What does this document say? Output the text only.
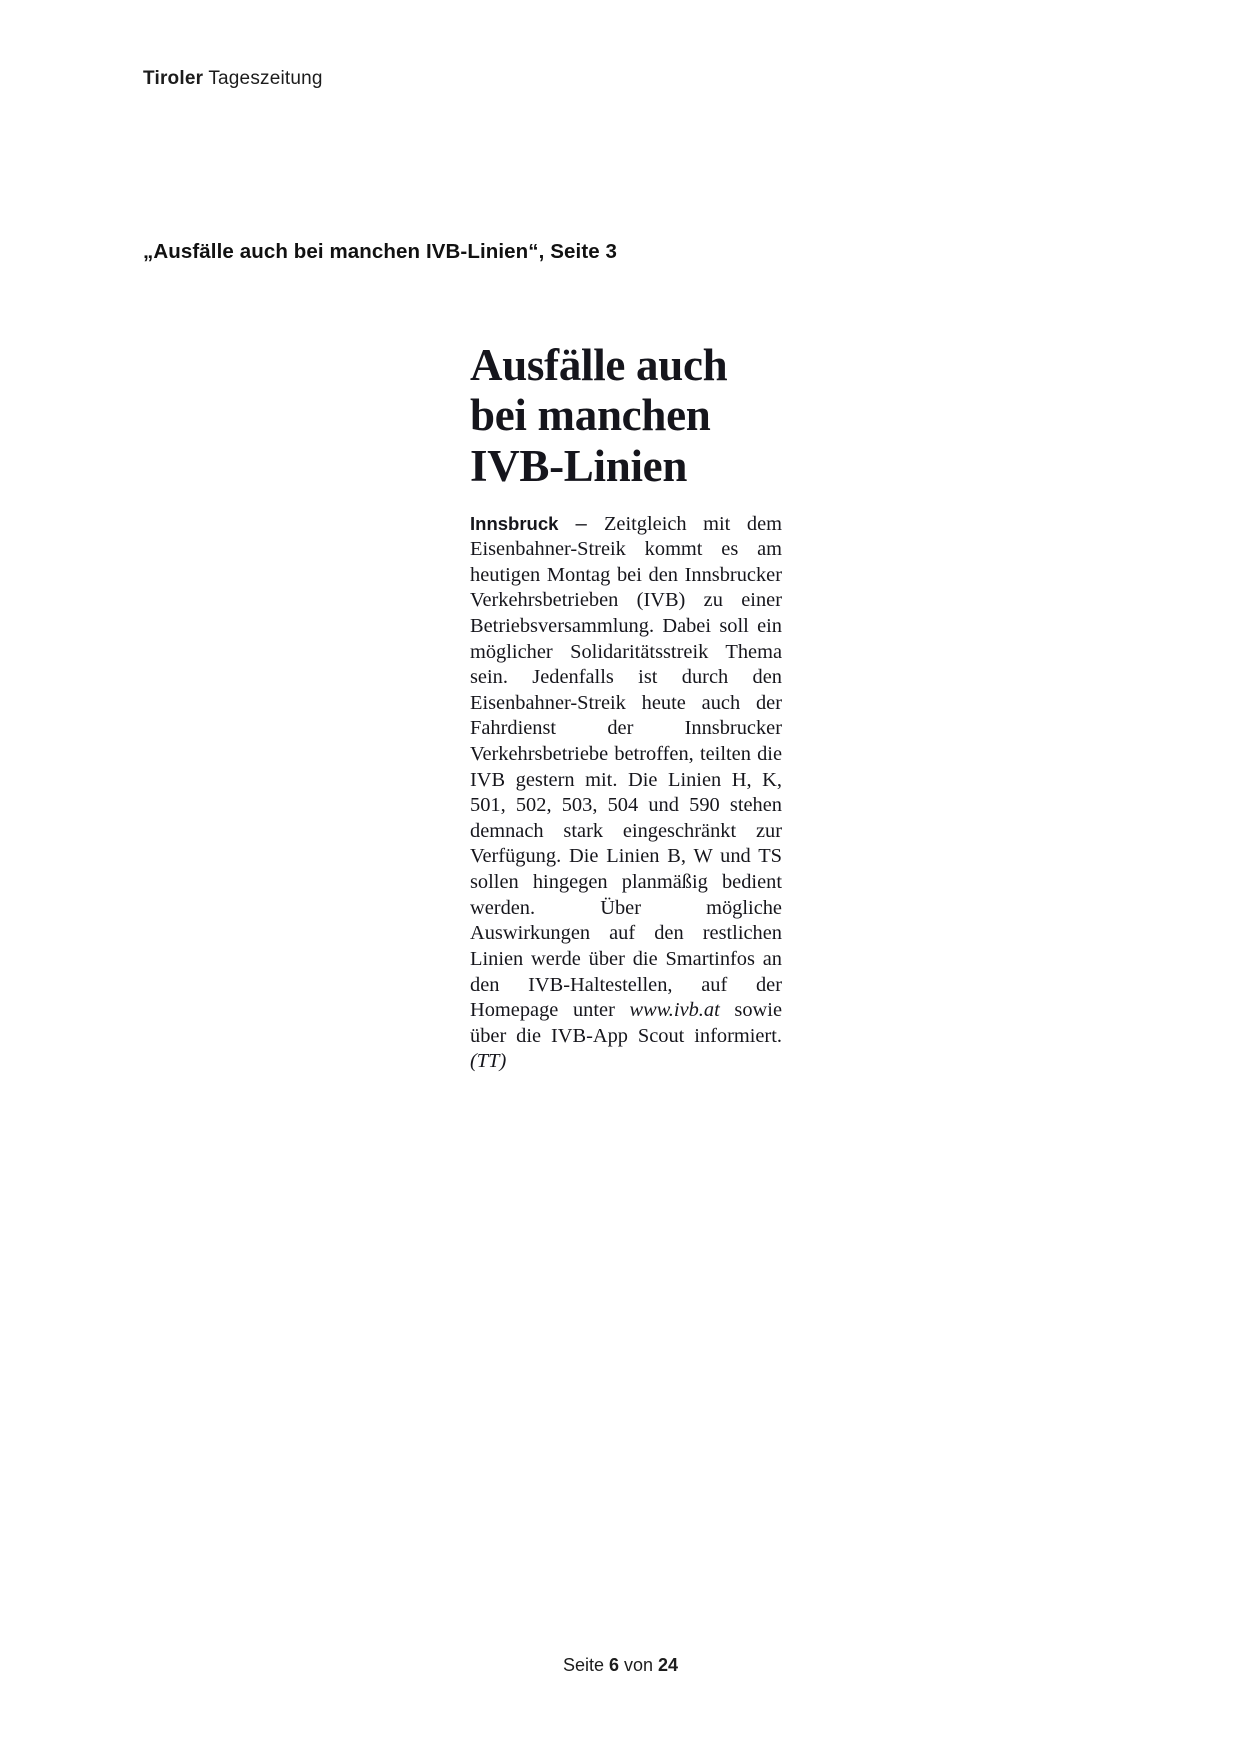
Tiroler Tageszeitung
„Ausfälle auch bei manchen IVB-Linien“, Seite 3
Ausfälle auch
bei manchen
IVB-Linien

Innsbruck – Zeitgleich mit dem Eisenbahner-Streik kommt es am heutigen Montag bei den Innsbrucker Verkehrsbetrieben (IVB) zu einer Betriebsversammlung. Dabei soll ein möglicher Solidaritätsstreik Thema sein. Jedenfalls ist durch den Eisenbahner-Streik heute auch der Fahrdienst der Innsbrucker Verkehrsbetriebe betroffen, teilten die IVB gestern mit. Die Linien H, K, 501, 502, 503, 504 und 590 stehen demnach stark eingeschränkt zur Verfügung. Die Linien B, W und TS sollen hingegen planmäßig bedient werden. Über mögliche Auswirkungen auf den restlichen Linien werde über die Smartinfos an den IVB-Haltestellen, auf der Homepage unter www.ivb.at sowie über die IVB-App Scout informiert. (TT)

Seite 6 von 24
